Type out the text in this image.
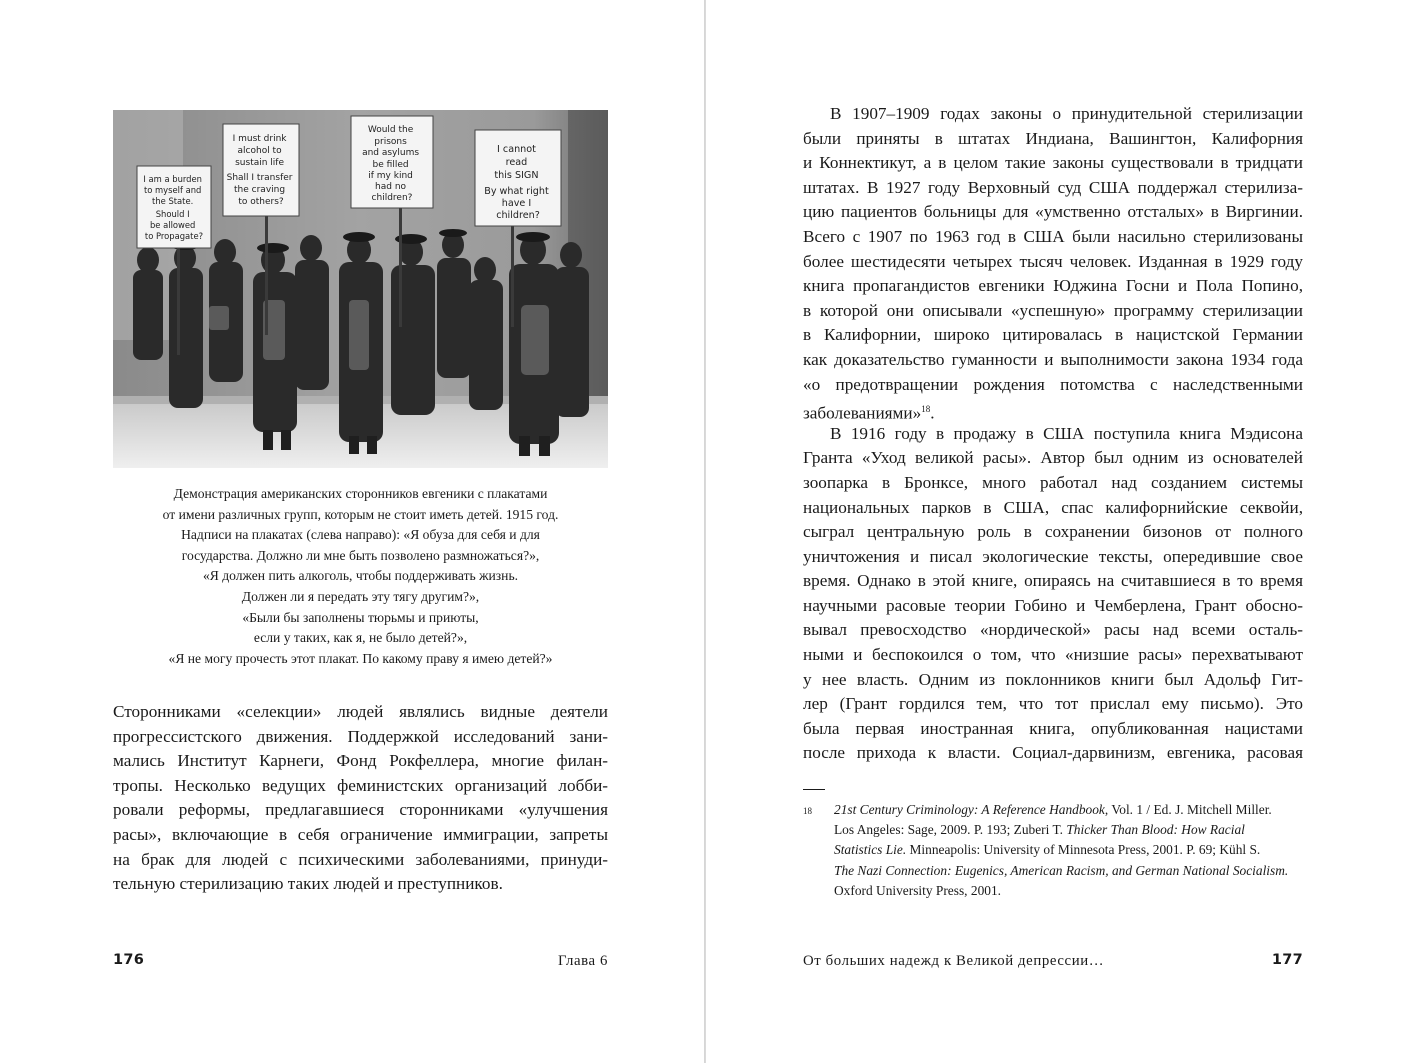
I am a burden to myself and the State. Should I be allowed to Propagate?
I must drink alcohol to sustain life Shall I transfer the craving to others?
Would the prisons and asylums be filled if my kind had no children?
I cannot read this SIGN By what right have I children?
Демонстрация американских сторонников евгеники с плакатами
от имени различных групп, которым не стоит иметь детей. 1915 год.
Надписи на плакатах (слева направо): «Я обуза для себя и для
государства. Должно ли мне быть позволено размножаться?»,
«Я должен пить алкоголь, чтобы поддерживать жизнь.
Должен ли я передать эту тягу другим?»,
«Были бы заполнены тюрьмы и приюты,
если у таких, как я, не было детей?»,
«Я не могу прочесть этот плакат. По какому праву я имею детей?»
Сторонниками «селекции» людей являлись видные деятели
прогрессистского движения. Поддержкой исследований зани-
мались Институт Карнеги, Фонд Рокфеллера, многие филан-
тропы. Несколько ведущих феминистских организаций лобби-
ровали реформы, предлагавшиеся сторонниками «улучшения
расы», включающие в себя ограничение иммиграции, запреты
на брак для людей с психическими заболеваниями, принуди-
тельную стерилизацию таких людей и преступников.
176	Глава 6
В 1907–1909 годах законы о принудительной стерилизации
были приняты в штатах Индиана, Вашингтон, Калифорния
и Коннектикут, а в целом такие законы существовали в тридцати
штатах. В 1927 году Верховный суд США поддержал стерилиза-
цию пациентов больницы для «умственно отсталых» в Виргинии.
Всего с 1907 по 1963 год в США были насильно стерилизованы
более шестидесяти четырех тысяч человек. Изданная в 1929 году
книга пропагандистов евгеники Юджина Госни и Пола Попино,
в которой они описывали «успешную» программу стерилизации
в Калифорнии, широко цитировалась в нацистской Германии
как доказательство гуманности и выполнимости закона 1934 года
«о предотвращении рождения потомства с наследственными
заболеваниями»$^{18}$.
В 1916 году в продажу в США поступила книга Мэдисона
Гранта «Уход великой расы». Автор был одним из основателей
зоопарка в Бронксе, много работал над созданием системы
национальных парков в США, спас калифорнийские секвойи,
сыграл центральную роль в сохранении бизонов от полного
уничтожения и писал экологические тексты, опередившие свое
время. Однако в этой книге, опираясь на считавшиеся в то время
научными расовые теории Гобино и Чемберлена, Грант обосно-
вывал превосходство «нордической» расы над всеми осталь-
ными и беспокоился о том, что «низшие расы» перехватывают
у нее власть. Одним из поклонников книги был Адольф Гит-
лер (Грант гордился тем, что тот прислал ему письмо). Это
была первая иностранная книга, опубликованная нацистами
после прихода к власти. Социал-дарвинизм, евгеника, расовая
18 21st Century Criminology: A Reference Handbook, Vol. 1 / Ed. J. Mitchell Miller.
Los Angeles: Sage, 2009. P. 193; Zuberi T. Thicker Than Blood: How Racial
Statistics Lie. Minneapolis: University of Minnesota Press, 2001. P. 69; Kühl S.
The Nazi Connection: Eugenics, American Racism, and German National Socialism.
Oxford University Press, 2001.
От больших надежд к Великой депрессии…	177
